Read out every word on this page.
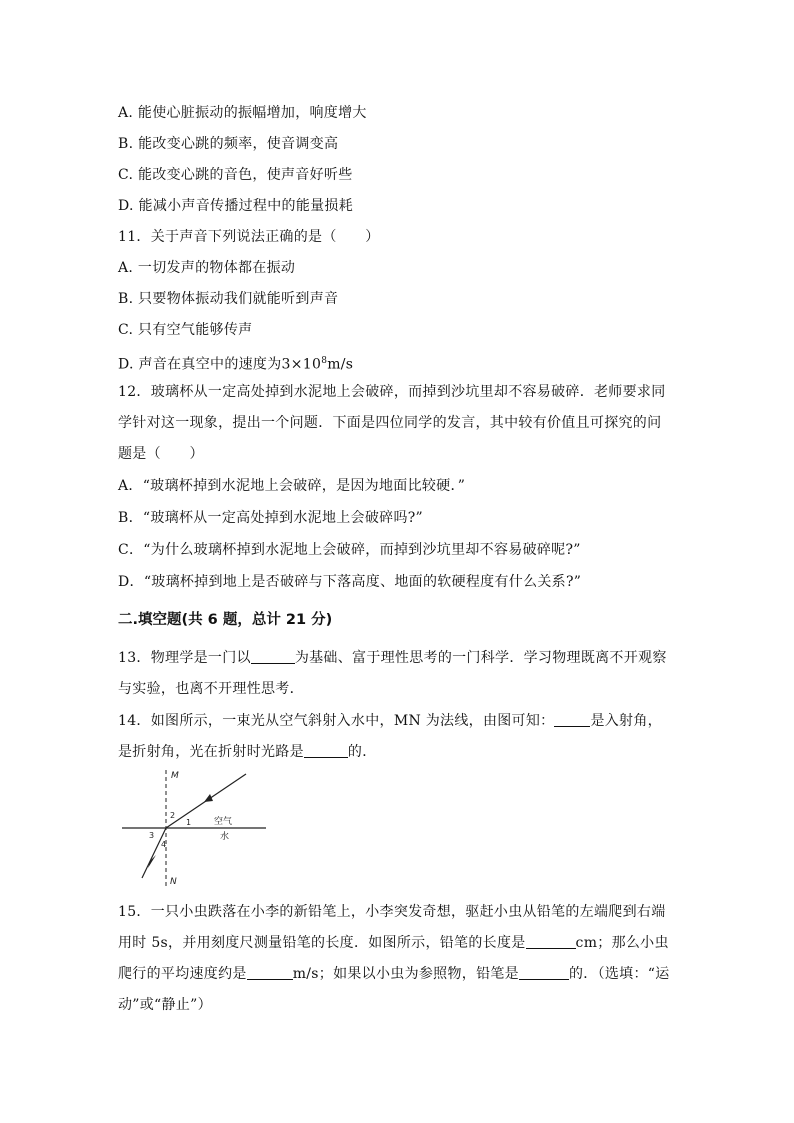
A. 能使心脏振动的振幅增加，响度增大
B. 能改变心跳的频率，使音调变高
C. 能改变心跳的音色，使声音好听些
D. 能减小声音传播过程中的能量损耗
11．关于声音下列说法正确的是（　　）
A. 一切发声的物体都在振动
B. 只要物体振动我们就能听到声音
C. 只有空气能够传声
D. 声音在真空中的速度为$3\times 10^8m/s$
12．玻璃杯从一定高处掉到水泥地上会破碎，而掉到沙坑里却不容易破碎．老师要求同
学针对这一现象，提出一个问题．下面是四位同学的发言，其中较有价值且可探究的问
题是（　　）
A．“玻璃杯掉到水泥地上会破碎，是因为地面比较硬．”
B．“玻璃杯从一定高处掉到水泥地上会破碎吗?”
C．“为什么玻璃杯掉到水泥地上会破碎，而掉到沙坑里却不容易破碎呢?”
D．“玻璃杯掉到地上是否破碎与下落高度、地面的软硬程度有什么关系?”
二.填空题(共 6 题，总计 21 分)
13．物理学是一门以	为基础、富于理性思考的一门科学．学习物理既离不开观察
与实验，也离不开理性思考．
14．如图所示，一束光从空气斜射入水中，MN 为法线，由图可知：	是入射角，
是折射角，光在折射时光路是	的．
M
N
1
2
3
4
空气
水
15．一只小虫跌落在小李的新铅笔上，小李突发奇想，驱赶小虫从铅笔的左端爬到右端
用时 5s，并用刻度尺测量铅笔的长度．如图所示，铅笔的长度是	cm；那么小虫
爬行的平均速度约是	m/s；如果以小虫为参照物，铅笔是	的．（选填：“运
动”或“静止”）
